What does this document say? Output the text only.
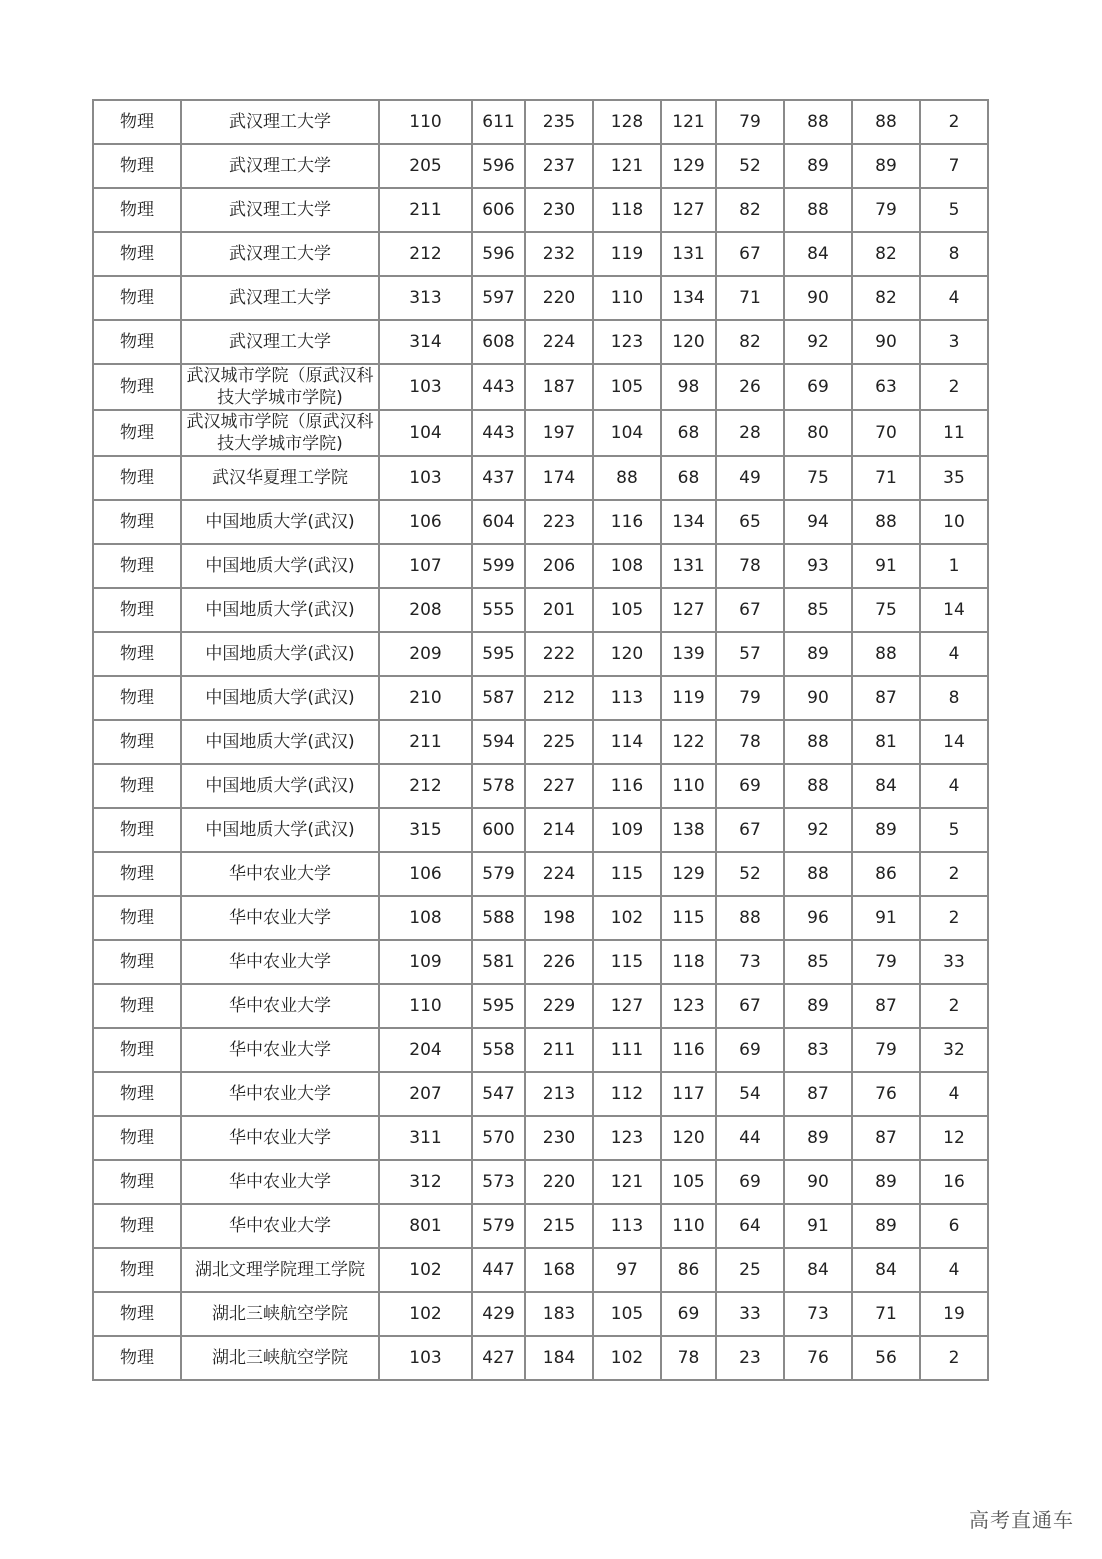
物理	武汉理工大学	110	611	235	128	121	79	88	88	2
物理	武汉理工大学	205	596	237	121	129	52	89	89	7
物理	武汉理工大学	211	606	230	118	127	82	88	79	5
物理	武汉理工大学	212	596	232	119	131	67	84	82	8
物理	武汉理工大学	313	597	220	110	134	71	90	82	4
物理	武汉理工大学	314	608	224	123	120	82	92	90	3
物理	武汉城市学院（原武汉科技大学城市学院)	103	443	187	105	98	26	69	63	2
物理	武汉城市学院（原武汉科技大学城市学院)	104	443	197	104	68	28	80	70	11
物理	武汉华夏理工学院	103	437	174	88	68	49	75	71	35
物理	中国地质大学(武汉)	106	604	223	116	134	65	94	88	10
物理	中国地质大学(武汉)	107	599	206	108	131	78	93	91	1
物理	中国地质大学(武汉)	208	555	201	105	127	67	85	75	14
物理	中国地质大学(武汉)	209	595	222	120	139	57	89	88	4
物理	中国地质大学(武汉)	210	587	212	113	119	79	90	87	8
物理	中国地质大学(武汉)	211	594	225	114	122	78	88	81	14
物理	中国地质大学(武汉)	212	578	227	116	110	69	88	84	4
物理	中国地质大学(武汉)	315	600	214	109	138	67	92	89	5
物理	华中农业大学	106	579	224	115	129	52	88	86	2
物理	华中农业大学	108	588	198	102	115	88	96	91	2
物理	华中农业大学	109	581	226	115	118	73	85	79	33
物理	华中农业大学	110	595	229	127	123	67	89	87	2
物理	华中农业大学	204	558	211	111	116	69	83	79	32
物理	华中农业大学	207	547	213	112	117	54	87	76	4
物理	华中农业大学	311	570	230	123	120	44	89	87	12
物理	华中农业大学	312	573	220	121	105	69	90	89	16
物理	华中农业大学	801	579	215	113	110	64	91	89	6
物理	湖北文理学院理工学院	102	447	168	97	86	25	84	84	4
物理	湖北三峡航空学院	102	429	183	105	69	33	73	71	19
物理	湖北三峡航空学院	103	427	184	102	78	23	76	56	2
高考直通车
